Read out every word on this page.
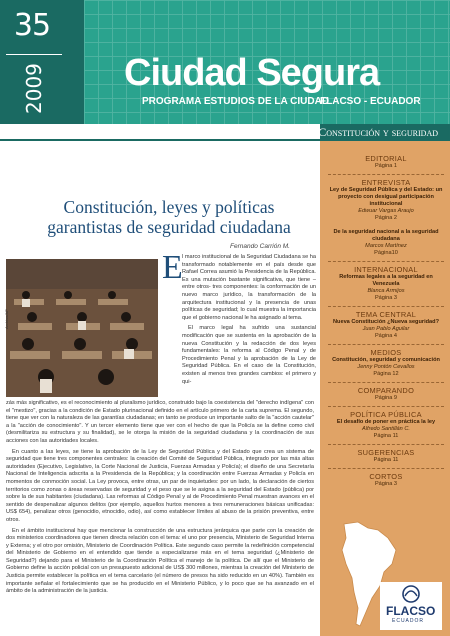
35
2009 Ciudad Segura
PROGRAMA ESTUDIOS DE LA CIUDAD
FLACSO - ECUADOR
Constitución y seguridad
Constitución, leyes y políticas
garantistas de seguridad ciudadana
Fernando Carrión M.
Archivo/AP
E l marco institucional de la Seguridad Ciudadana se ha transformado notablemente en el país desde que Rafael Correa asumió la Presidencia de la República. Es una mutación bastante significativa, que tiene –entre otros- tres componentes: la conformación de un nuevo marco jurídico, la transformación de la arquitectura institucional y la presencia de unas políticas de seguridad; lo cual muestra la importancia que el gobierno nacional le ha asignado al tema.

El marco legal ha sufrido una sustancial modificación que se sustenta en la aprobación de la nueva Constitución y la redacción de dos leyes fundamentales: la reforma al Código Penal y de Procedimiento Penal y la aprobación de la Ley de Seguridad Pública. En el caso de la Constitución, existen al menos tres grandes cambios: el primero y qui-

zás más significativo, es el reconocimiento al pluralismo jurídico, construido bajo la coexistencia del "derecho indígena" con el "mestizo", gracias a la condición de Estado plurinacional definido en el artículo primero de la carta suprema. El segundo, tiene que ver con la naturaleza de las garantías ciudadanas; en tanto se produce un importante salto de la "acción cautelar" a la "acción de conocimiento". Y un tercer elemento tiene que ver con el hecho de que la Policía se la define como civil (desmilitariza su estructura y su finalidad), se le otorga la misión de la seguridad ciudadana y la coordinación de sus acciones con las autoridades locales.

En cuanto a las leyes, se tiene la aprobación de la Ley de Seguridad Pública y del Estado que crea un sistema de seguridad que tiene tres componentes centrales: la creación del Comité de Seguridad Pública, integrado por las más altas autoridades (Ejecutivo, Legislativo, la Corte Nacional de Justicia, Fuerzas Armadas y Policía); el diseño de una Secretaría Nacional de Inteligencia adscrita a la Presidencia de la República; y la coordinación entre Fuerzas Armadas y Policía en momentos de conmoción social. La Ley provoca, entre otras, un par de inquietudes: por un lado, la declaración de ciertos territorios como zonas o áreas reservadas de seguridad y el peso que se le asigna a la seguridad del Estado (pública) por sobre la de sus habitantes (ciudadana). Las reformas al Código Penal y al de Procedimiento Penal muestran avances en el sentido de despenalizar algunos delitos (por ejemplo, aquellos hurtos menores a tres remuneraciones básicas unificadas: US$ 654), penalizar otros (genocidio, etnocidio, odio), así como establecer límites al abuso de la prisión preventiva, entre otros.

En el ámbito institucional hay que mencionar la construcción de una estructura jerárquica que parte con la creación de dos ministerios coordinadores que tienen directa relación con el tema: el uno por presencia, Ministerio de Seguridad Interna y Externa; y el otro por omisión, Ministerio de Coordinación Política. Este segundo caso permite la redefinición competencial del Ministerio de Gobierno en el entendido que tiende a especializarse más en el tema seguridad (¿Ministerio de Seguridad?) dejando para el Ministerio de la Coordinación Política el manejo de la política. De allí que el Ministerio de Gobierno define la acción policial con un presupuesto adicional de US$ 300 millones, mientras la creación del Ministerio de Justicia permite establecer la política en el tema carcelario (el número de presos ha sido reducido en un 40%). También es importante señalar el fortalecimiento que se ha producido en el Ministerio Público, y lo poco que se ha avanzado en el ámbito de la administración de la justicia.

EDITORIAL
Página 1
ENTREVISTA
Ley de Seguridad Pública y del Estado: un proyecto con desigual participación institucional
Edwuar Vargas Araujo
Página 2
De la seguridad nacional a la seguridad ciudadana
Marcos Martínez
Página10
INTERNACIONAL
Reformas legales a la seguridad en Venezuela
Blanca Armijos
Página 3
TEMA CENTRAL
Nueva Constitución ¿Nueva seguridad?
Juan Pablo Aguilar
Página 4
MEDIOS
Constitución, seguridad y comunicación
Jenny Pontón Cevallos
Página 12
COMPARANDO
Página 9
POLÍTICA PÚBLICA
El desafío de poner en práctica la ley
Alfredo Santillán C.
Página 11
SUGERENCIAS
Página 11
CORTOS
Página 3
FLACSO
ECUADOR
